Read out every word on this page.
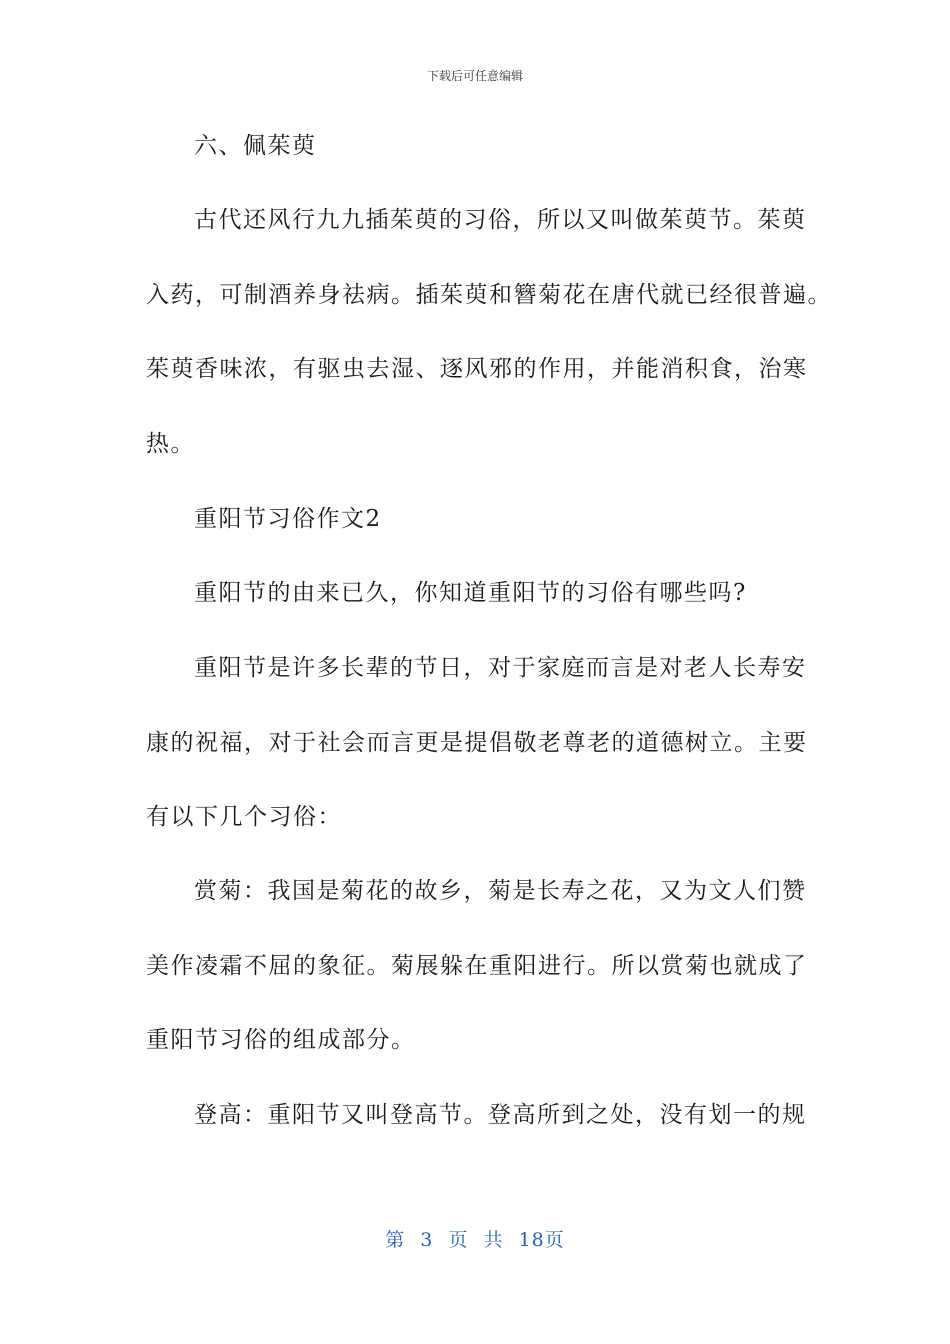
下载后可任意编辑
六、佩茱萸
古代还风行九九插茱萸的习俗，所以又叫做茱萸节。茱萸
入药，可制酒养身祛病。插茱萸和簪菊花在唐代就已经很普遍。
茱萸香味浓，有驱虫去湿、逐风邪的作用，并能消积食，治寒
热。
重阳节习俗作文2
重阳节的由来已久，你知道重阳节的习俗有哪些吗?
重阳节是许多长辈的节日，对于家庭而言是对老人长寿安
康的祝福，对于社会而言更是提倡敬老尊老的道德树立。主要
有以下几个习俗：
赏菊：我国是菊花的故乡，菊是长寿之花，又为文人们赞
美作凌霜不屈的象征。菊展躲在重阳进行。所以赏菊也就成了
重阳节习俗的组成部分。
登高：重阳节又叫登高节。登高所到之处，没有划一的规
第 3 页 共 18页
